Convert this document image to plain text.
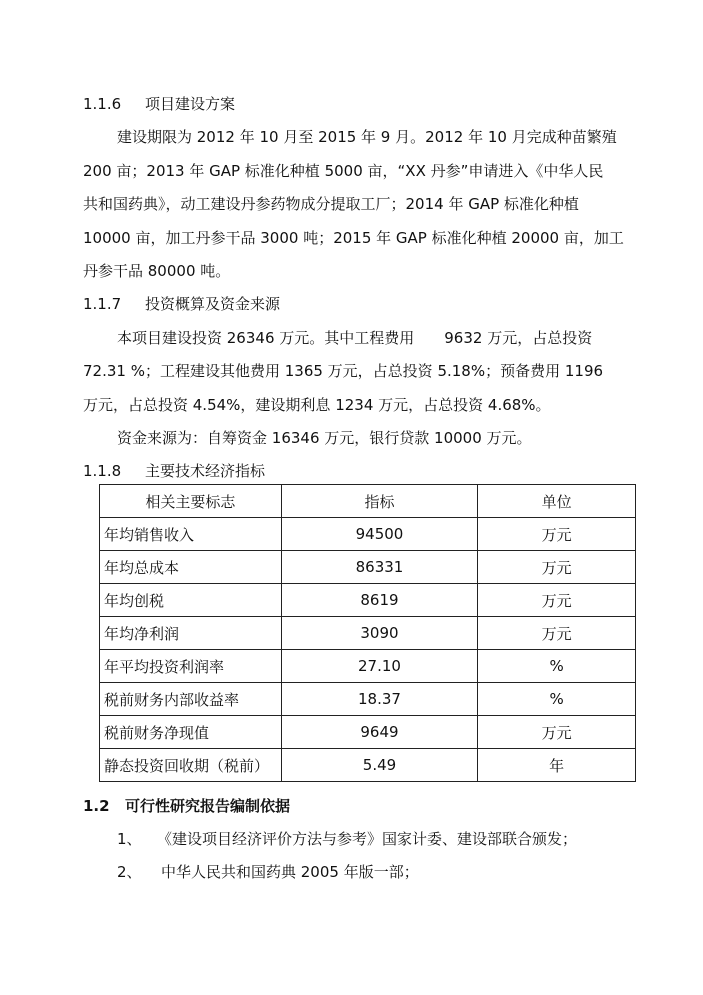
1.1.6 项目建设方案
建设期限为 2012 年 10 月至 2015 年 9 月。2012 年 10 月完成种苗繁殖
200 亩；2013 年 GAP 标准化种植 5000 亩，“XX 丹参”申请进入《中华人民
共和国药典》，动工建设丹参药物成分提取工厂；2014 年 GAP 标准化种植
10000 亩，加工丹参干品 3000 吨；2015 年 GAP 标准化种植 20000 亩，加工
丹参干品 80000 吨。
1.1.7 投资概算及资金来源
本项目建设投资 26346 万元。其中工程费用　　9632 万元，占总投资
72.31 %；工程建设其他费用 1365 万元，占总投资 5.18%；预备费用 1196
万元，占总投资 4.54%，建设期利息 1234 万元，占总投资 4.68%。
资金来源为：自筹资金 16346 万元，银行贷款 10000 万元。
1.1.8 主要技术经济指标
相关主要标志	指标	单位
年均销售收入	94500	万元
年均总成本	86331	万元
年均创税	8619	万元
年均净利润	3090	万元
年平均投资利润率	27.10	%
税前财务内部收益率	18.37	%
税前财务净现值	9649	万元
静态投资回收期（税前）	5.49	年
1.2 可行性研究报告编制依据
1、 《建设项目经济评价方法与参考》国家计委、建设部联合颁发；
2、 中华人民共和国药典 2005 年版一部；
